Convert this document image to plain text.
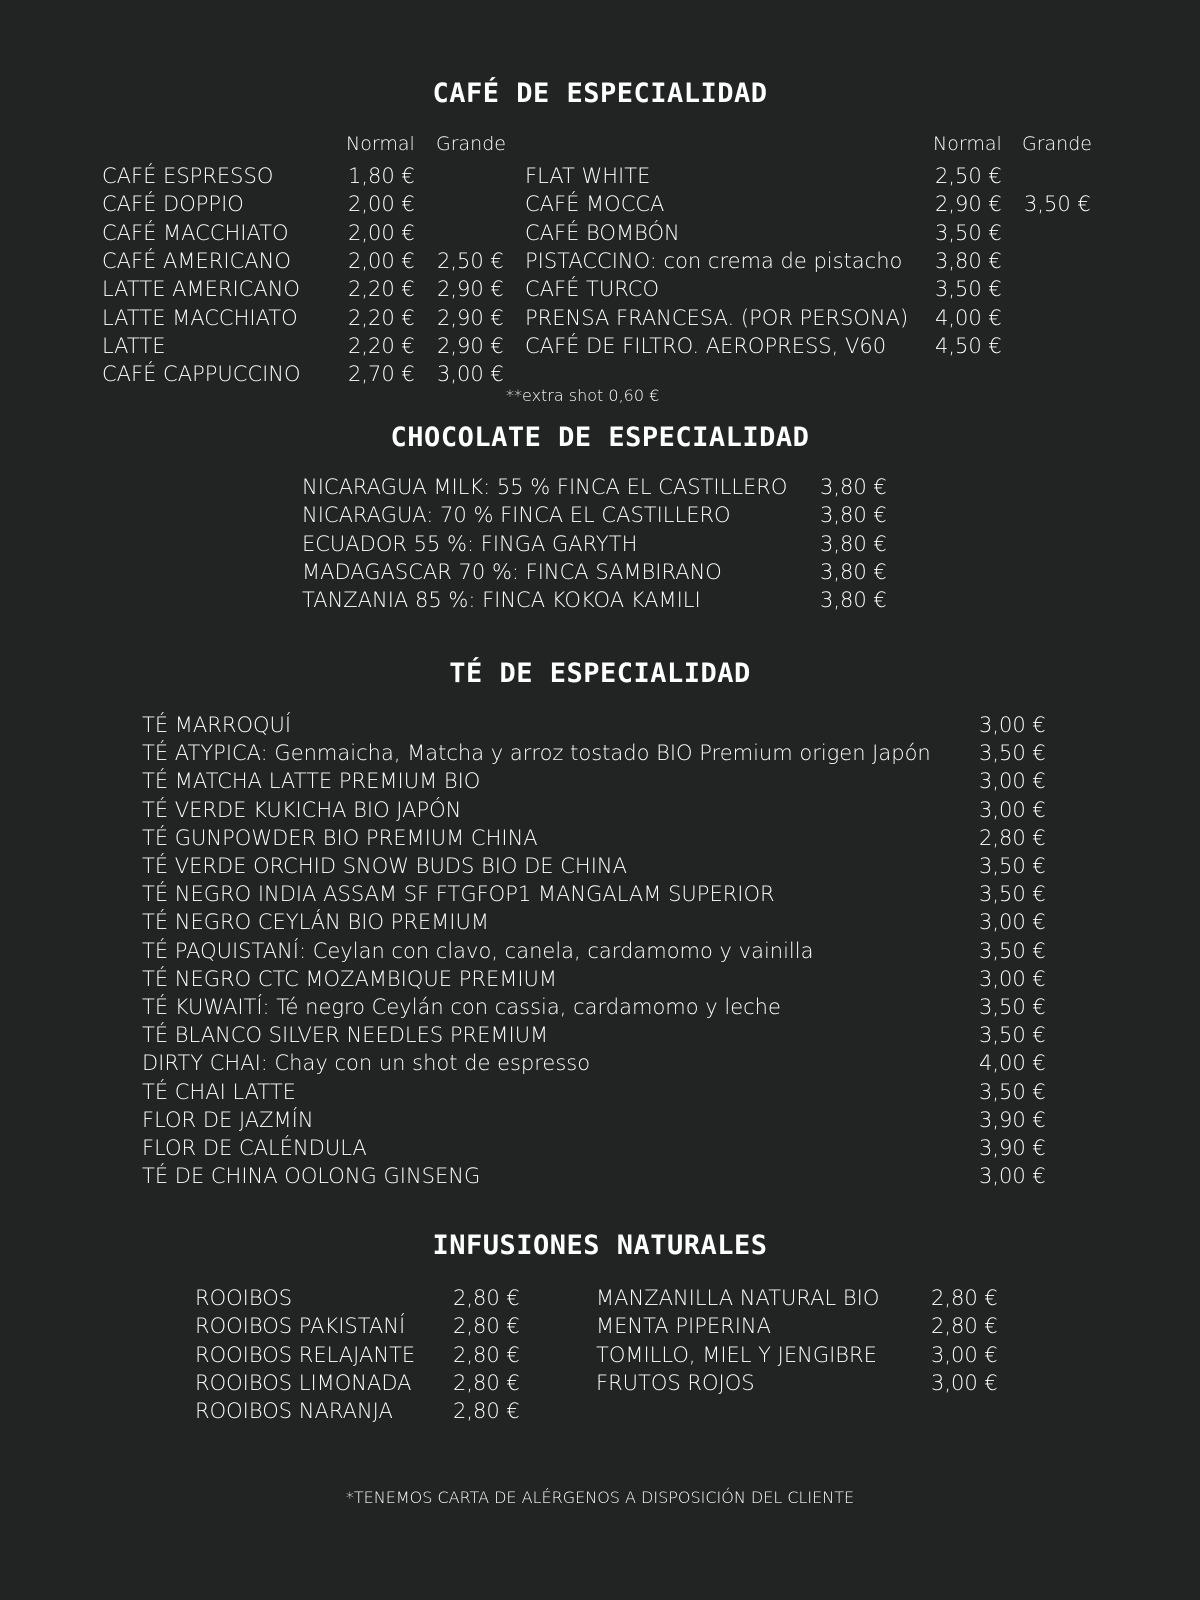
CAFÉ DE ESPECIALIDAD
Normal Grande	Normal Grande
CAFÉ ESPRESSO	1,80 €
CAFÉ DOPPIO	2,00 €
CAFÉ MACCHIATO	2,00 €
CAFÉ AMERICANO	2,00 € 2,50 €
LATTE AMERICANO 2,20 € 2,90 €
LATTE MACCHIATO 2,20 € 2,90 €
LATTE	2,20 € 2,90 €
CAFÉ CAPPUCCINO 2,70 € 3,00 €
FLAT WHITE	2,50 €
CAFÉ MOCCA	2,90 € 3,50 €
CAFÉ BOMBÓN	3,50 €
PISTACCINO: con crema de pistacho 3,80 €
CAFÉ TURCO	3,50 €
PRENSA FRANCESA. (POR PERSONA) 4,00 €
CAFÉ DE FILTRO. AEROPRESS, V60 4,50 €
**extra shot 0,60 €
CHOCOLATE DE ESPECIALIDAD
NICARAGUA MILK: 55 % FINCA EL CASTILLERO 3,80 €
NICARAGUA: 70 % FINCA EL CASTILLERO	3,80 €
ECUADOR 55 %: FINGA GARYTH	3,80 €
MADAGASCAR 70 %: FINCA SAMBIRANO	3,80 €
TANZANIA 85 %: FINCA KOKOA KAMILI	3,80 €
TÉ DE ESPECIALIDAD
TÉ MARROQUÍ	3,00 €
TÉ ATYPICA: Genmaicha, Matcha y arroz tostado BIO Premium origen Japón 3,50 €
TÉ MATCHA LATTE PREMIUM BIO	3,00 €
TÉ VERDE KUKICHA BIO JAPÓN	3,00 €
TÉ GUNPOWDER BIO PREMIUM CHINA	2,80 €
TÉ VERDE ORCHID SNOW BUDS BIO DE CHINA	3,50 €
TÉ NEGRO INDIA ASSAM SF FTGFOP1 MANGALAM SUPERIOR	3,50 €
TÉ NEGRO CEYLÁN BIO PREMIUM	3,00 €
TÉ PAQUISTANÍ: Ceylan con clavo, canela, cardamomo y vainilla	3,50 €
TÉ NEGRO CTC MOZAMBIQUE PREMIUM	3,00 €
TÉ KUWAITÍ: Té negro Ceylán con cassia, cardamomo y leche	3,50 €
TÉ BLANCO SILVER NEEDLES PREMIUM	3,50 €
DIRTY CHAI: Chay con un shot de espresso	4,00 €
TÉ CHAI LATTE	3,50 €
FLOR DE JAZMÍN	3,90 €
FLOR DE CALÉNDULA	3,90 €
TÉ DE CHINA OOLONG GINSENG	3,00 €
INFUSIONES NATURALES
ROOIBOS	2,80 €
ROOIBOS PAKISTANÍ 2,80 €
ROOIBOS RELAJANTE 2,80 €
ROOIBOS LIMONADA 2,80 €
ROOIBOS NARANJA	2,80 €
MANZANILLA NATURAL BIO 2,80 €
MENTA PIPERINA	2,80 €
TOMILLO, MIEL Y JENGIBRE	3,00 €
FRUTOS ROJOS	3,00 €
*TENEMOS CARTA DE ALÉRGENOS A DISPOSICIÓN DEL CLIENTE
